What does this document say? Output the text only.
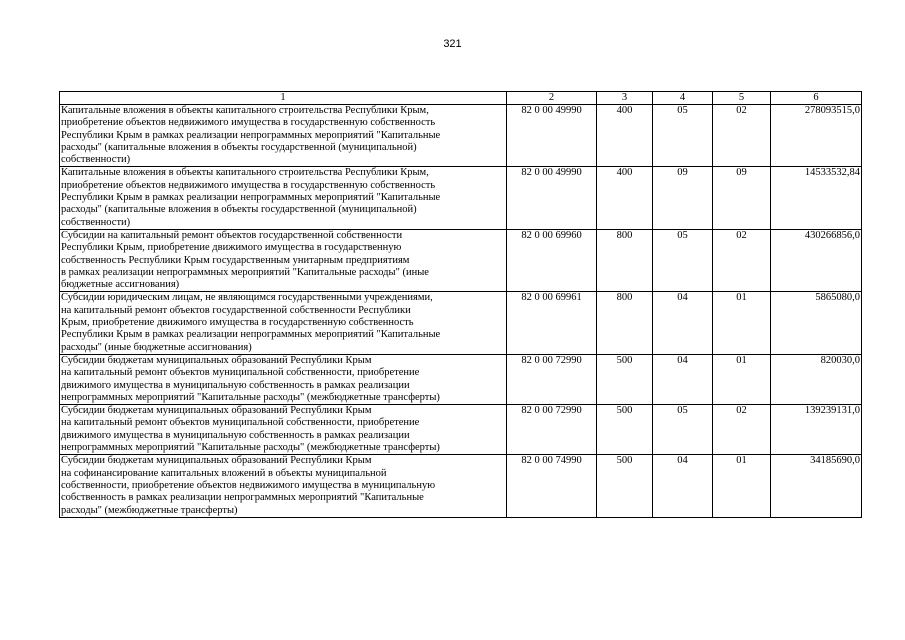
321
1	2	3	4	5	6
Капитальные вложения в объекты капитального строительства Республики Крым,
приобретение объектов недвижимого имущества в государственную собственность
Республики Крым в рамках реализации непрограммных мероприятий "Капитальные
расходы" (капитальные вложения в объекты государственной (муниципальной)
собственности)	82 0 00 49990	400	05	02	278093515,0
Капитальные вложения в объекты капитального строительства Республики Крым,
приобретение объектов недвижимого имущества в государственную собственность
Республики Крым в рамках реализации непрограммных мероприятий "Капитальные
расходы" (капитальные вложения в объекты государственной (муниципальной)
собственности)	82 0 00 49990	400	09	09	14533532,84
Субсидии на капитальный ремонт объектов государственной собственности
Республики Крым, приобретение движимого имущества в государственную
собственность Республики Крым государственным унитарным предприятиям
в рамках реализации непрограммных мероприятий "Капитальные расходы" (иные
бюджетные ассигнования)	82 0 00 69960	800	05	02	430266856,0
Субсидии юридическим лицам, не являющимся государственными учреждениями,
на капитальный ремонт объектов государственной собственности Республики
Крым, приобретение движимого имущества в государственную собственность
Республики Крым в рамках реализации непрограммных мероприятий "Капитальные
расходы" (иные бюджетные ассигнования)	82 0 00 69961	800	04	01	5865080,0
Субсидии бюджетам муниципальных образований Республики Крым
на капитальный ремонт объектов муниципальной собственности, приобретение
движимого имущества в муниципальную собственность в рамках реализации
непрограммных мероприятий "Капитальные расходы" (межбюджетные трансферты)	82 0 00 72990	500	04	01	820030,0
Субсидии бюджетам муниципальных образований Республики Крым
на капитальный ремонт объектов муниципальной собственности, приобретение
движимого имущества в муниципальную собственность в рамках реализации
непрограммных мероприятий "Капитальные расходы" (межбюджетные трансферты)	82 0 00 72990	500	05	02	139239131,0
Субсидии бюджетам муниципальных образований Республики Крым
на софинансирование капитальных вложений в объекты муниципальной
собственности, приобретение объектов недвижимого имущества в муниципальную
собственность в рамках реализации непрограммных мероприятий "Капитальные
расходы" (межбюджетные трансферты)	82 0 00 74990	500	04	01	34185690,0
